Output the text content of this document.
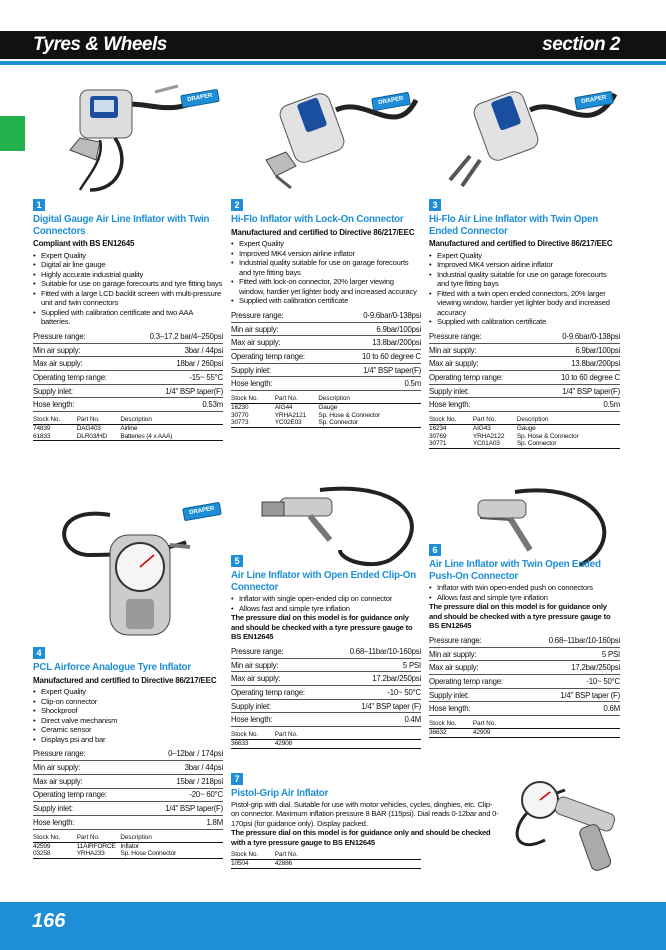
Tyres & Wheels	section 2
DRAPER	DRAPER	DRAPER
DRAPER
1
Digital Gauge Air Line Inflator with Twin Connectors
Compliant with BS EN12645
• Expert Quality
• Digital air line gauge
• Highly accurate industrial quality
• Suitable for use on garage forecourts and tyre fitting bays
• Fitted with a large LCD backlit screen with multi-pressure unit and twin connectors
• Supplied with calibration certificate and two AAA batteries.
Pressure range:	0.3–17.2 bar/4–250psi
Min air supply:	3bar / 44psi
Max air supply:	18bar / 260psi
Operating temp range:	-15~ 55°C
Supply inlet:	1/4" BSP taper(F)
Hose length:	0.53m
Stock No.	Part No.	Description
74839	DAG403	Airline
61833	DLR03/HD	Batteries (4 x AAA)
2
Hi-Flo Inflator with Lock-On Connector
Manufactured and certified to Directive 86/217/EEC
• Expert Quality
• Improved MK4 version airline inflator
• Industrial quality suitable for use on garage forecourts and tyre fitting bays
• Fitted with lock-on connector, 20% larger viewing window, hardier yet lighter body and increased accuracy
• Supplied with calibration certificate
Pressure range:	0-9.6bar/0-138psi
Min air supply:	6.9bar/100psi
Max air supply:	13.8bar/200psi
Operating temp range:	10 to 60 degree C
Supply inlet:	1/4" BSP taper(F)
Hose length:	0.5m
Stock No.	Part No.	Description
16230	AIG44	Gauge
30770	YRHA2121	Sp. Hose & Connector
30773	YC02E03	Sp. Connector
3
Hi-Flo Air Line Inflator with Twin Open Ended Connector
Manufactured and certified to Directive 86/217/EEC
• Expert Quality
• Improved MK4 version airline inflator
• Industrial quality suitable for use on garage forecourts and tyre fitting bays
• Fitted with a twin open ended connectors, 20% larger viewing window, hardier yet lighter body and increased accuracy
• Supplied with calibration certificate
Pressure range:	0-9.6bar/0-138psi
Min air supply:	6.9bar/100psi
Max air supply:	13.8bar/200psi
Operating temp range:	10 to 60 degree C
Supply inlet:	1/4" BSP taper(F)
Hose length:	0.5m
Stock No.	Part No.	Description
16234	AIG43	Gauge
30769	YRHA2122	Sp. Hose & Connector
30771	YC01A03	Sp. Connector
4
PCL Airforce Analogue Tyre Inflator
Manufactured and certified to Directive 86/217/EEC
• Expert Quality
• Clip-on connector
• Shockproof
• Direct valve mechanism
• Ceramic sensor
• Displays psi and bar
Pressure range:	0–12bar / 174psi
Min air supply:	3bar / 44psi
Max air supply:	15bar / 218psi
Operating temp range:	-20~ 60°C
Supply inlet:	1/4" BSP taper(F)
Hose length:	1.8M
Stock No.	Part No.	Description
42599	11AIRFORCE	Inflator
03258	YRHA233	Sp. Hose Connector
5
Air Line Inflator with Open Ended Clip-On Connector
• Inflator with single open-ended clip on connector
• Allows fast and simple tyre inflation
The pressure dial on this model is for guidance only and should be checked with a tyre pressure gauge to BS EN12645
Pressure range:	0.68–11bar/10-160psi
Min air supply:	5 PSI
Max air supply:	17.2bar/250psi
Operating temp range:	-10~ 50°C
Supply inlet:	1/4" BSP taper (F)
Hose length:	0.4M
Stock No.	Part No.
36633	42908
6
Air Line Inflator with Twin Open Ended Push-On Connector
• Inflator with twin open-ended push on connectors
• Allows fast and simple tyre inflation
The pressure dial on this model is for guidance only and should be checked with a tyre pressure gauge to BS EN12645
Pressure range:	0.68–11bar/10-160psi
Min air supply:	5 PSI
Max air supply:	17.2bar/250psi
Operating temp range:	-10~ 50°C
Supply inlet:	1/4" BSP taper (F)
Hose length:	0.6M
Stock No.	Part No.
36632	42909
7
Pistol-Grip Air Inflator
Pistol-grip with dial. Suitable for use with motor vehicles, cycles, dinghies, etc. Clip-on connector. Maximum inflation pressure 8 BAR (115psi). Dial reads 0-12bar and 0-170psi (for guidance only). Display packed.
The pressure dial on this model is for guidance only and should be checked with a tyre pressure gauge to BS EN12645
Stock No.	Part No.
10504	42886
166
